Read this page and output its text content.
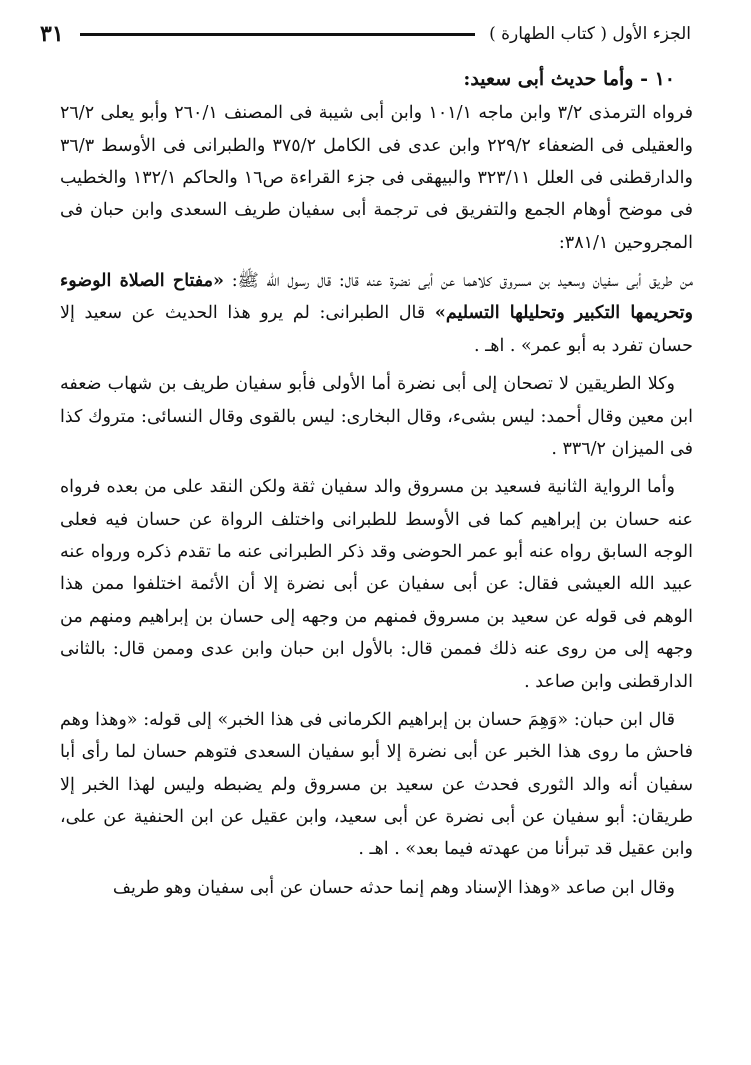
الجزء الأول ( كتاب الطهارة )
٣١
١٠ - وأما حديث أبى سعيد:

فرواه الترمذى ٣/٢ وابن ماجه ١٠١/١ وابن أبى شيبة فى المصنف ٢٦٠/١ وأبو يعلى ٢٦/٢ والعقيلى فى الضعفاء ٢٢٩/٢ وابن عدى فى الكامل ٣٧٥/٢ والطبرانى فى الأوسط ٣٦/٣ والدارقطنى فى العلل ٣٢٣/١١ والبيهقى فى جزء القراءة ص١٦ والحاكم ١٣٢/١ والخطيب فى موضح أوهام الجمع والتفريق فى ترجمة أبى سفيان طريف السعدى وابن حبان فى المجروحين ٣٨١/١:

من طريق أبى سفيان وسعيد بن مسروق كلاهما عن أبى نضرة عنه قال: قال رسول الله ﷺ: «مفتاح الصلاة الوضوء وتحريمها التكبير وتحليلها التسليم» قال الطبرانى: لم يرو هذا الحديث عن سعيد إلا حسان تفرد به أبو عمر» . اهـ .

وكلا الطريقين لا تصحان إلى أبى نضرة أما الأولى فأبو سفيان طريف بن شهاب ضعفه ابن معين وقال أحمد: ليس بشىء، وقال البخارى: ليس بالقوى وقال النسائى: متروك كذا فى الميزان ٣٣٦/٢ .

وأما الرواية الثانية فسعيد بن مسروق والد سفيان ثقة ولكن النقد على من بعده فرواه عنه حسان بن إبراهيم كما فى الأوسط للطبرانى واختلف الرواة عن حسان فيه فعلى الوجه السابق رواه عنه أبو عمر الحوضى وقد ذكر الطبرانى عنه ما تقدم ذكره ورواه عنه عبيد الله العيشى فقال: عن أبى سفيان عن أبى نضرة إلا أن الأئمة اختلفوا ممن هذا الوهم فى قوله عن سعيد بن مسروق فمنهم من وجهه إلى حسان بن إبراهيم ومنهم من وجهه إلى من روى عنه ذلك فممن قال: بالأول ابن حبان وابن عدى وممن قال: بالثانى الدارقطنى وابن صاعد .

قال ابن حبان: «وَهِمَ حسان بن إبراهيم الكرمانى فى هذا الخبر» إلى قوله: «وهذا وهم فاحش ما روى هذا الخبر عن أبى نضرة إلا أبو سفيان السعدى فتوهم حسان لما رأى أبا سفيان أنه والد الثورى فحدث عن سعيد بن مسروق ولم يضبطه وليس لهذا الخبر إلا طريقان: أبو سفيان عن أبى نضرة عن أبى سعيد، وابن عقيل عن ابن الحنفية عن على، وابن عقيل قد تبرأنا من عهدته فيما بعد» . اهـ .

وقال ابن صاعد «وهذا الإسناد وهم إنما حدثه حسان عن أبى سفيان وهو طريف
